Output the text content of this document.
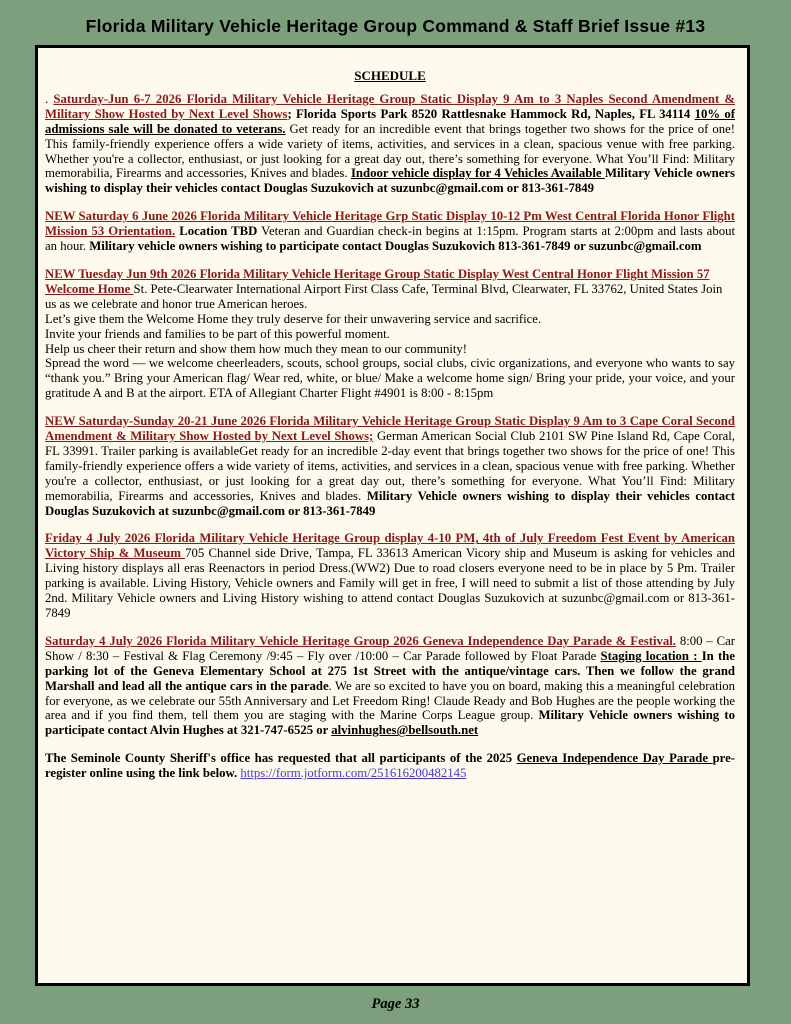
Florida Military Vehicle Heritage Group Command & Staff Brief Issue #13
SCHEDULE

. Saturday-Jun 6-7 2026 Florida Military Vehicle Heritage Group Static Display 9 Am to 3 Naples Second Amendment & Military Show Hosted by Next Level Shows; Florida Sports Park 8520 Rattlesnake Hammock Rd, Naples, FL 34114 10% of admissions sale will be donated to veterans. Get ready for an incredible event that brings together two shows for the price of one! This family-friendly experience offers a wide variety of items, activities, and services in a clean, spacious venue with free parking. Whether you're a collector, enthusiast, or just looking for a great day out, there’s something for everyone. What You’ll Find: Military memorabilia, Firearms and accessories, Knives and blades. Indoor vehicle display for 4 Vehicles Available Military Vehicle owners wishing to display their vehicles contact Douglas Suzukovich at suzunbc@gmail.com or 813-361-7849

NEW Saturday 6 June 2026 Florida Military Vehicle Heritage Grp Static Display 10-12 Pm West Central Florida Honor Flight Mission 53 Orientation. Location TBD Veteran and Guardian check-in begins at 1:15pm. Program starts at 2:00pm and lasts about an hour. Military vehicle owners wishing to participate contact Douglas Suzukovich 813-361-7849 or suzunbc@gmail.com

NEW Tuesday Jun 9th 2026 Florida Military Vehicle Heritage Group Static Display West Central Honor Flight Mission 57 Welcome Home St. Pete-Clearwater International Airport First Class Cafe, Terminal Blvd, Clearwater, FL 33762, United States Join us as we celebrate and honor true American heroes.
Let’s give them the Welcome Home they truly deserve for their unwavering service and sacrifice.
Invite your friends and families to be part of this powerful moment.
Help us cheer their return and show them how much they mean to our community!
Spread the word — we welcome cheerleaders, scouts, school groups, social clubs, civic organizations, and everyone who wants to say “thank you.” Bring your American flag/ Wear red, white, or blue/ Make a welcome home sign/ Bring your pride, your voice, and your gratitude A and B at the airport. ETA of Allegiant Charter Flight #4901 is 8:00 - 8:15pm

NEW Saturday-Sunday 20-21 June 2026 Florida Military Vehicle Heritage Group Static Display 9 Am to 3 Cape Coral Second Amendment & Military Show Hosted by Next Level Shows; German American Social Club 2101 SW Pine Island Rd, Cape Coral, FL 33991. Trailer parking is availableGet ready for an incredible 2-day event that brings together two shows for the price of one! This family-friendly experience offers a wide variety of items, activities, and services in a clean, spacious venue with free parking. Whether you're a collector, enthusiast, or just looking for a great day out, there’s something for everyone. What You’ll Find: Military memorabilia, Firearms and accessories, Knives and blades. Military Vehicle owners wishing to display their vehicles contact Douglas Suzukovich at suzunbc@gmail.com or 813-361-7849

Friday 4 July 2026 Florida Military Vehicle Heritage Group display 4-10 PM, 4th of July Freedom Fest Event by American Victory Ship & Museum 705 Channel side Drive, Tampa, FL 33613 American Vicory ship and Museum is asking for vehicles and Living history displays all eras Reenactors in period Dress.(WW2) Due to road closers everyone need to be in place by 5 Pm. Trailer parking is available. Living History, Vehicle owners and Family will get in free, I will need to submit a list of those attending by July 2nd. Military Vehicle owners and Living History wishing to attend contact Douglas Suzukovich at suzunbc@gmail.com or 813-361-7849

Saturday 4 July 2026 Florida Military Vehicle Heritage Group 2026 Geneva Independence Day Parade & Festival. 8:00 – Car Show / 8:30 – Festival & Flag Ceremony /9:45 – Fly over /10:00 – Car Parade followed by Float Parade Staging location : In the parking lot of the Geneva Elementary School at 275 1st Street with the antique/vintage cars. Then we follow the grand Marshall and lead all the antique cars in the parade. We are so excited to have you on board, making this a meaningful celebration for everyone, as we celebrate our 55th Anniversary and Let Freedom Ring! Claude Ready and Bob Hughes are the people working the area and if you find them, tell them you are staging with the Marine Corps League group. Military Vehicle owners wishing to participate contact Alvin Hughes at 321-747-6525 or alvinhughes@bellsouth.net

The Seminole County Sheriff's office has requested that all participants of the 2025 Geneva Independence Day Parade pre-register online using the link below. https://form.jotform.com/251616200482145

Page 33
